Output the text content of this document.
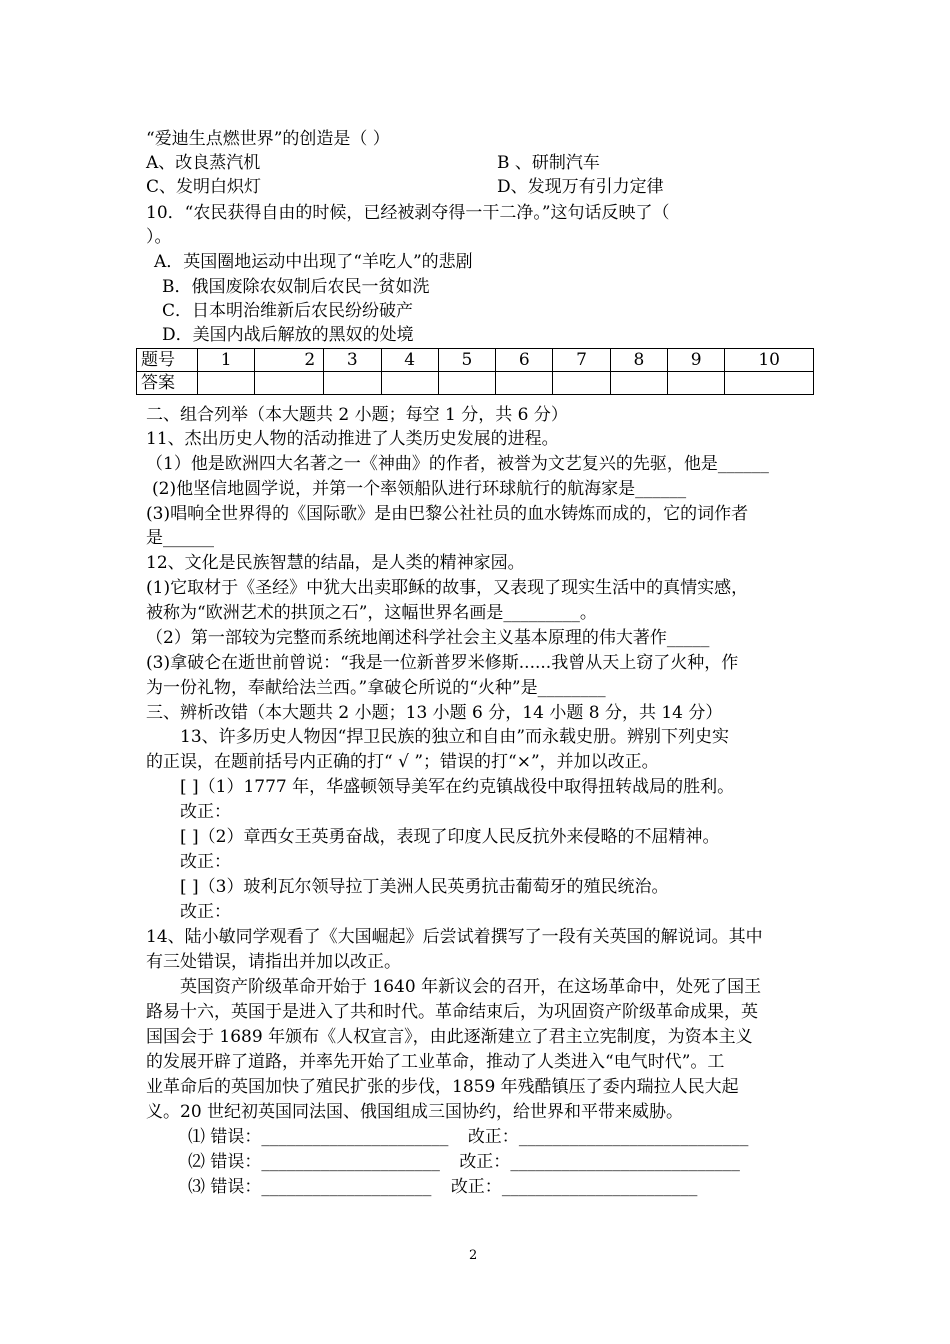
“爱迪生点燃世界”的创造是（ ）
A、改良蒸汽机	B 、研制汽车
C、发明白炽灯	D、发现万有引力定律
10．“农民获得自由的时候，已经被剥夺得一干二净。”这句话反映了（
）。
A．英国圈地运动中出现了“羊吃人”的悲剧
B．俄国废除农奴制后农民一贫如洗
C．日本明治维新后农民纷纷破产
D．美国内战后解放的黑奴的处境
题号	1	2	3	4	5	6	7	8	9	10
答案										
二、组合列举（本大题共 2 小题；每空 1 分，共 6 分）
11、杰出历史人物的活动推进了人类历史发展的进程。
（1）他是欧洲四大名著之一《神曲》的作者，被誉为文艺复兴的先驱，他是______
(2)他坚信地圆学说，并第一个率领船队进行环球航行的航海家是______
(3)唱响全世界得的《国际歌》是由巴黎公社社员的血水铸炼而成的，它的词作者
是______
12、文化是民族智慧的结晶，是人类的精神家园。
(1)它取材于《圣经》中犹大出卖耶稣的故事，又表现了现实生活中的真情实感，
被称为“欧洲艺术的拱顶之石”，这幅世界名画是_________。
（2）第一部较为完整而系统地阐述科学社会主义基本原理的伟大著作_____
(3)拿破仑在逝世前曾说：“我是一位新普罗米修斯......我曾从天上窃了火种，作
为一份礼物，奉献给法兰西。”拿破仑所说的“火种”是________
三、辨析改错（本大题共 2 小题；13 小题 6 分，14 小题 8 分，共 14 分）
13、许多历史人物因“捍卫民族的独立和自由”而永载史册。辨别下列史实
的正误，在题前括号内正确的打“ √ ”；错误的打“×”，并加以改正。
[ ]（1）1777 年，华盛顿领导美军在约克镇战役中取得扭转战局的胜利。
改正：
[ ]（2）章西女王英勇奋战，表现了印度人民反抗外来侵略的不屈精神。
改正：
[ ]（3）玻利瓦尔领导拉丁美洲人民英勇抗击葡萄牙的殖民统治。
改正：
14、陆小敏同学观看了《大国崛起》后尝试着撰写了一段有关英国的解说词。其中
有三处错误，请指出并加以改正。
英国资产阶级革命开始于 1640 年新议会的召开，在这场革命中，处死了国王
路易十六，英国于是进入了共和时代。革命结束后，为巩固资产阶级革命成果，英
国国会于 1689 年颁布《人权宣言》，由此逐渐建立了君主立宪制度，为资本主义
的发展开辟了道路，并率先开始了工业革命，推动了人类进入“电气时代”。工
业革命后的英国加快了殖民扩张的步伐，1859 年残酷镇压了委内瑞拉人民大起
义。20 世纪初英国同法国、俄国组成三国协约，给世界和平带来威胁。
⑴ 错误：______________________ 改正：___________________________
⑵ 错误：_____________________ 改正：___________________________
⑶ 错误：____________________ 改正：_______________________
2
